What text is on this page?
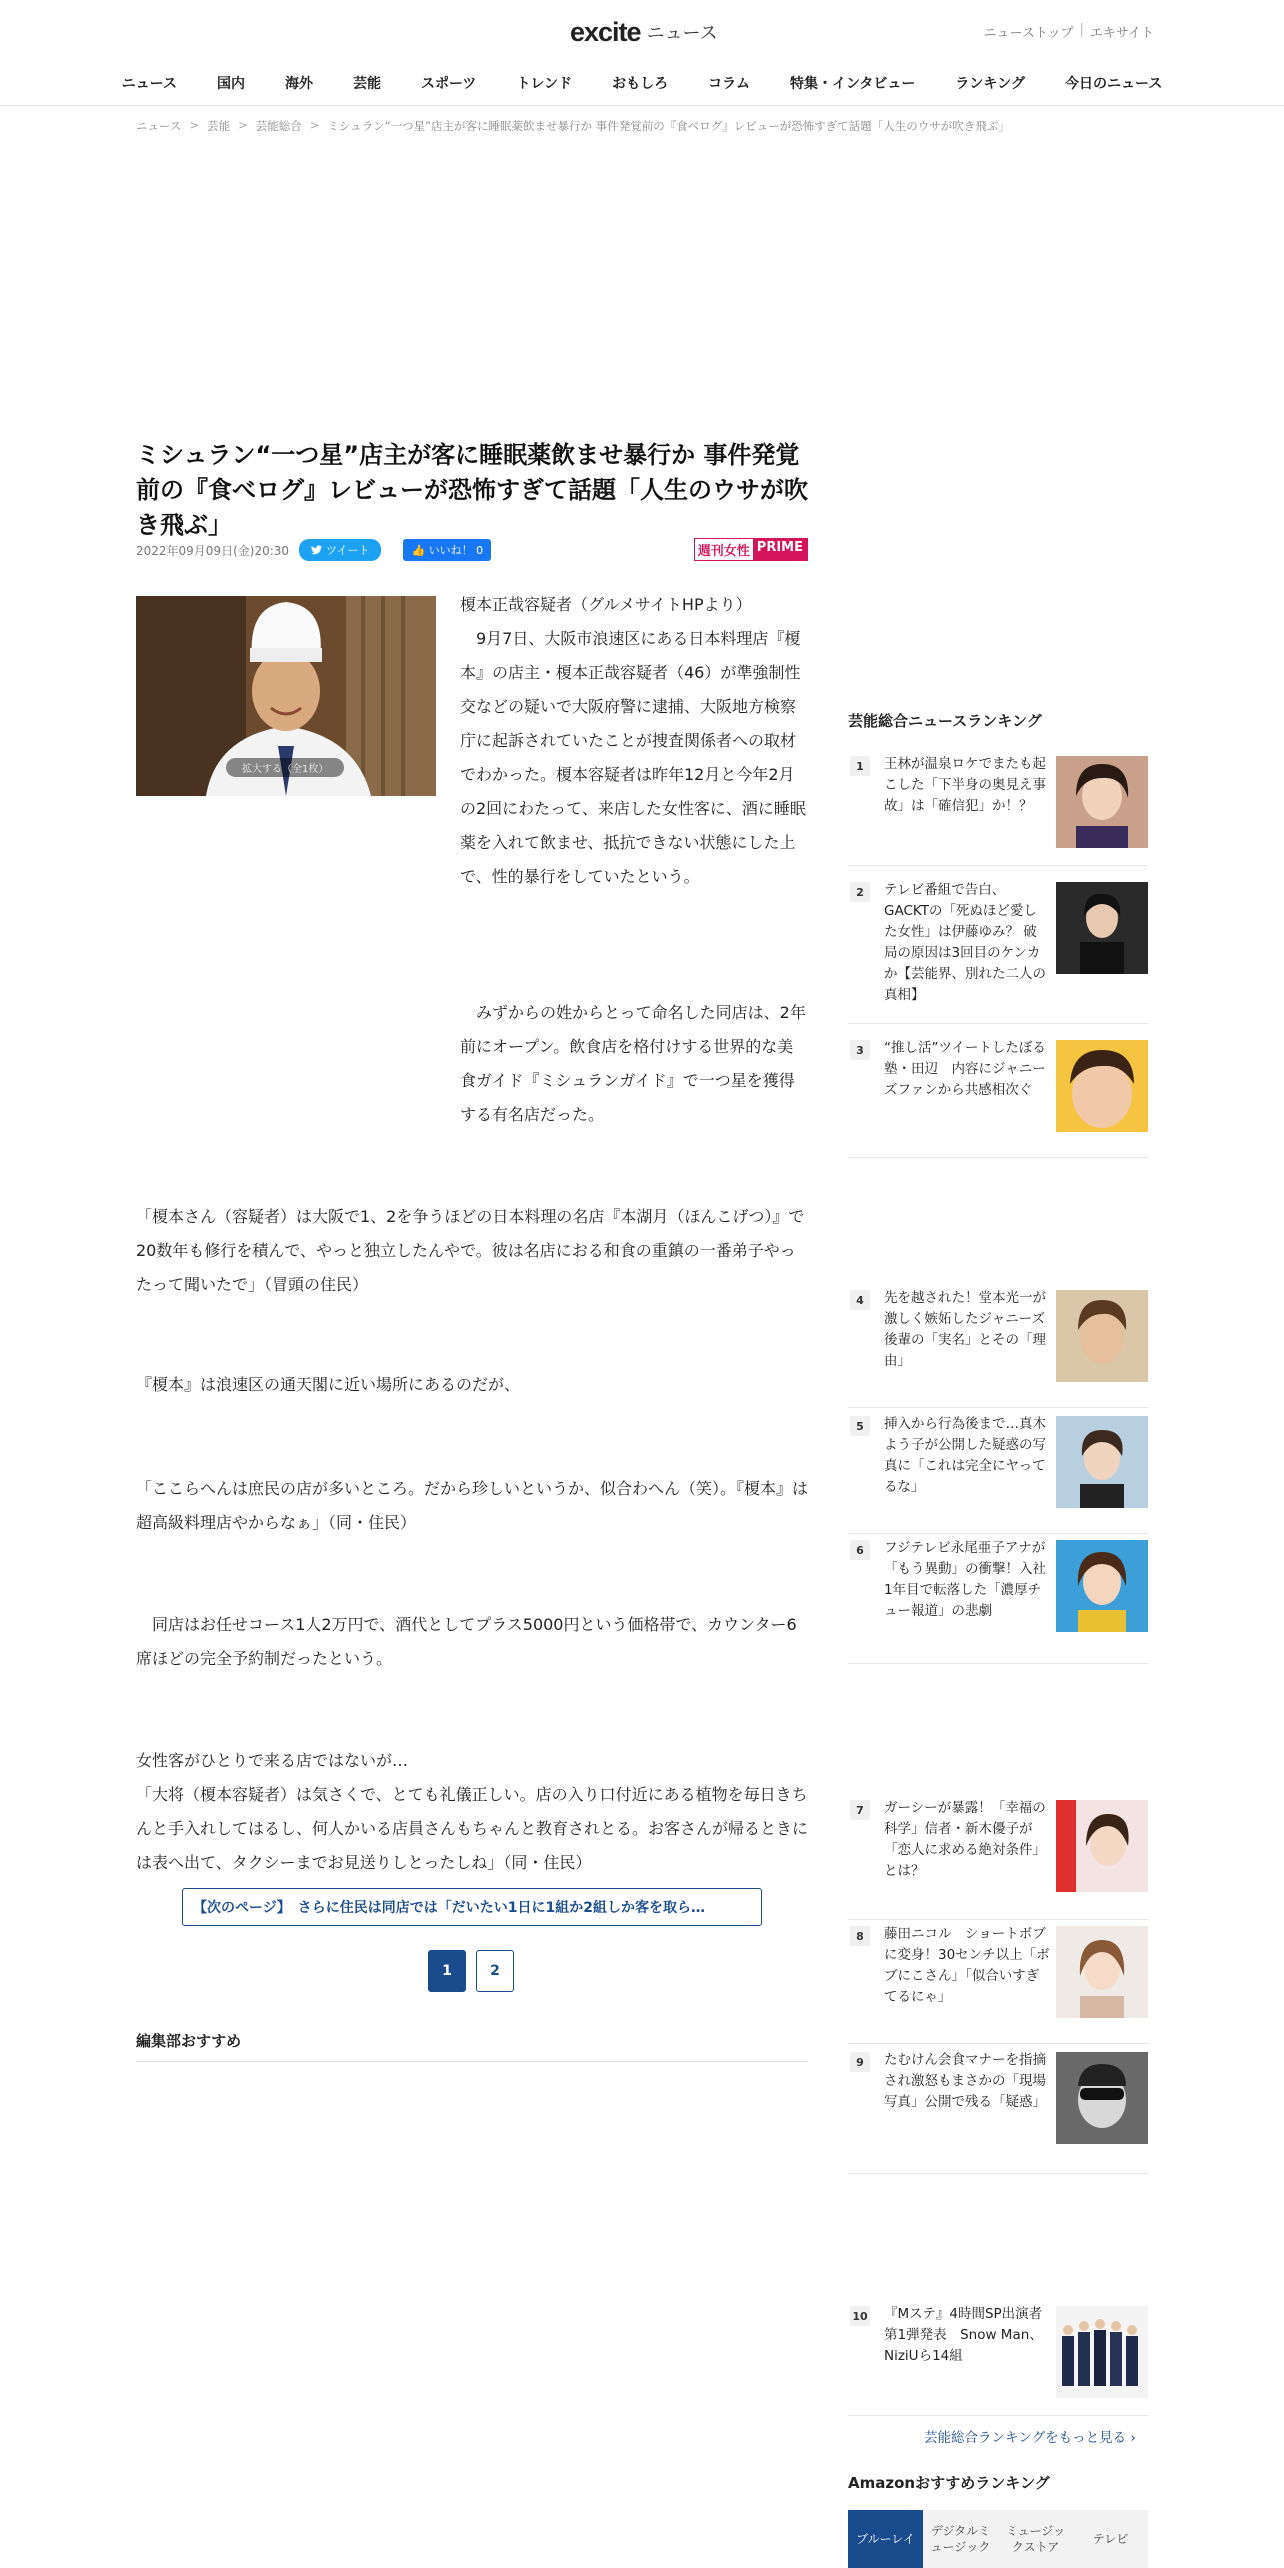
excite ニュース	ニューストップ | エキサイト
ニュース	国内	海外	芸能	スポーツ	トレンド	おもしろ	コラム	特集・インタビュー	ランキング	今日のニュース
ニュース > 芸能 > 芸能総合 > ミシュラン“一つ星”店主が客に睡眠薬飲ませ暴行か 事件発覚前の『食べログ』レビューが恐怖すぎて話題「人生のウサが吹き飛ぶ」
ミシュラン“一つ星”店主が客に睡眠薬飲ませ暴行か 事件発覚前の『食べログ』レビューが恐怖すぎて話題「人生のウサが吹き飛ぶ」
2022年09月09日(金)20:30	ツイート	👍 いいね！ 0	週刊女性 PRIME
拡大する（全1枚）

榎本正哉容疑者（グルメサイトHPより）

9月7日、大阪市浪速区にある日本料理店『榎本』の店主・榎本正哉容疑者（46）が準強制性交などの疑いで大阪府警に逮捕、大阪地方検察庁に起訴されていたことが捜査関係者への取材でわかった。榎本容疑者は昨年12月と今年2月の2回にわたって、来店した女性客に、酒に睡眠薬を入れて飲ませ、抵抗できない状態にした上で、性的暴行をしていたという。

みずからの姓からとって命名した同店は、2年前にオープン。飲食店を格付けする世界的な美食ガイド『ミシュランガイド』で一つ星を獲得する有名店だった。

「榎本さん（容疑者）は大阪で1、2を争うほどの日本料理の名店『本湖月（ほんこげつ）』で20数年も修行を積んで、やっと独立したんやで。彼は名店におる和食の重鎮の一番弟子やったって聞いたで」（冒頭の住民）
『榎本』は浪速区の通天閣に近い場所にあるのだが、
「ここらへんは庶民の店が多いところ。だから珍しいというか、似合わへん（笑）。『榎本』は超高級料理店やからなぁ」（同・住民）
同店はお任せコース1人2万円で、酒代としてプラス5000円という価格帯で、カウンター6席ほどの完全予約制だったという。
女性客がひとりで来る店ではないが…
「大将（榎本容疑者）は気さくで、とても礼儀正しい。店の入り口付近にある植物を毎日きちんと手入れしてはるし、何人かいる店員さんもちゃんと教育されとる。お客さんが帰るときには表へ出て、タクシーまでお見送りしとったしね」（同・住民）
【次のページ】　さらに住民は同店では「だいたい1日に1組か2組しか客を取ら…
1	2
編集部おすすめ
芸能総合ニュースランキング
1	王林が温泉ロケでまたも起こした「下半身の奥見え事故」は「確信犯」か！？
2	テレビ番組で告白、GACKTの「死ぬほど愛した女性」は伊藤ゆみ？ 破局の原因は3回目のケンカか【芸能界、別れた二人の真相】
3	“推し活”ツイートしたぼる塾・田辺　内容にジャニーズファンから共感相次ぐ
4	先を越された！堂本光一が激しく嫉妬したジャニーズ後輩の「実名」とその「理由」
5	挿入から行為後まで…真木よう子が公開した疑惑の写真に「これは完全にヤってるな」
6	フジテレビ永尾亜子アナが「もう異動」の衝撃！入社1年目で転落した「濃厚チュー報道」の悲劇
7	ガーシーが暴露！「幸福の科学」信者・新木優子が「恋人に求める絶対条件」とは？
8	藤田ニコル　ショートボブに変身！30センチ以上「ボブにこさん」「似合いすぎてるにゃ」
9	たむけん会食マナーを指摘され激怒もまさかの「現場写真」公開で残る「疑惑」
10 『Mステ』4時間SP出演者第1弾発表　Snow Man、NiziUら14組
芸能総合ランキングをもっと見る ›
Amazonおすすめランキング
ブルーレイ
デジタルミュージック
ミュージックストア
テレビ
